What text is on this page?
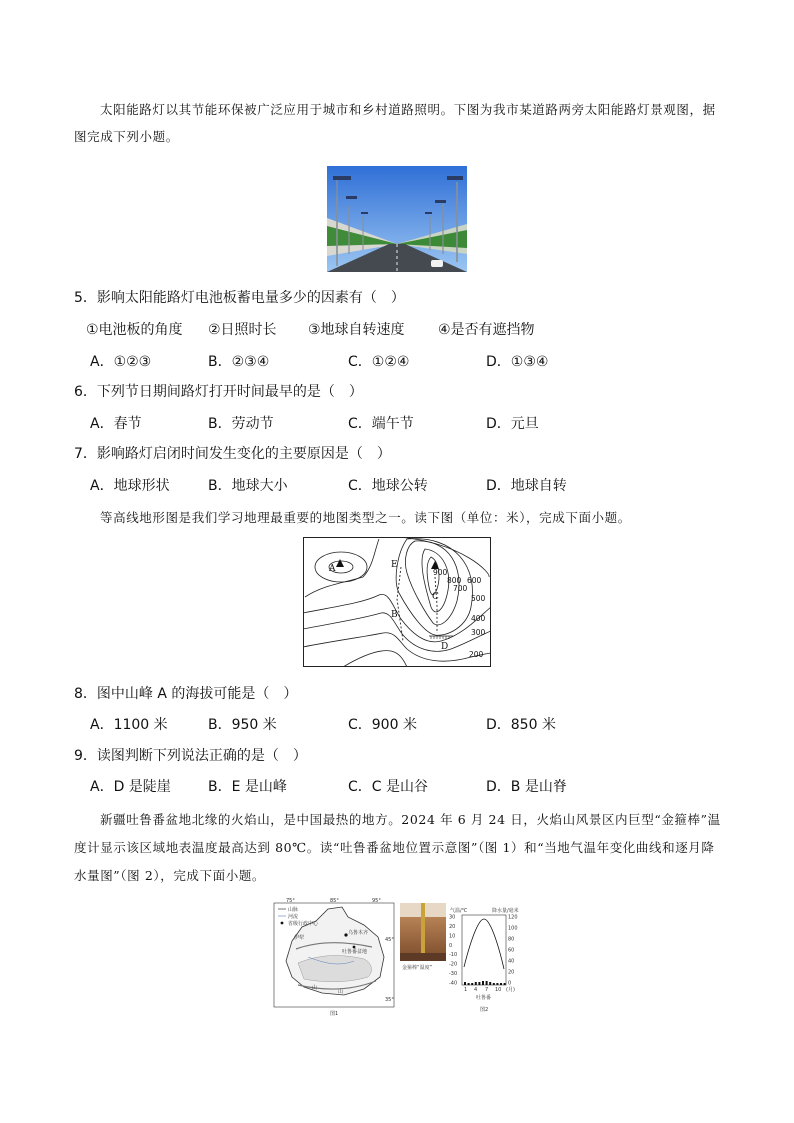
太阳能路灯以其节能环保被广泛应用于城市和乡村道路照明。下图为我市某道路两旁太阳能路灯景观图，据图完成下列小题。
5．影响太阳能路灯电池板蓄电量多少的因素有（　）
①电池板的角度 ②日照时长 ③地球自转速度 ④是否有遮挡物
A．①②③	B．②③④	C．①②④	D．①③④
6．下列节日期间路灯打开时间最早的是（　）
A．春节	B．劳动节	C．端午节	D．元旦
7．影响路灯启闭时间发生变化的主要原因是（　）
A．地球形状	B．地球大小	C．地球公转	D．地球自转
等高线地形图是我们学习地理最重要的地图类型之一。读下图（单位：米），完成下面小题。
A	E
B
C
D
900
800
700
600
500
400
300
200
8．图中山峰 A 的海拔可能是（　）
A．1100 米	B．950 米	C．900 米	D．850 米
9．读图判断下列说法正确的是（　）
A．D 是陡崖	B．E 是山峰	C．C 是山谷	D．B 是山脊
新疆吐鲁番盆地北缘的火焰山，是中国最热的地方。2024 年 6 月 24 日，火焰山风景区内巨型“金箍棒”温度计显示该区域地表温度最高达到 80℃。读“吐鲁番盆地位置示意图”（图 1）和“当地气温年变化曲线和逐月降水量图”（图 2），完成下面小题。
75°	85°	95°
45°
35°
乌鲁木齐
吐鲁番盆地
伊犁
山
山
山脉
河流
省级行政中心
图1
金箍棒“温度”
气温/℃	降水量/毫米
30
20
10
0
-10
-20
-30
-40
120
100
80
60
40
20
0
1 4 7 10 (月)
吐鲁番
图2
